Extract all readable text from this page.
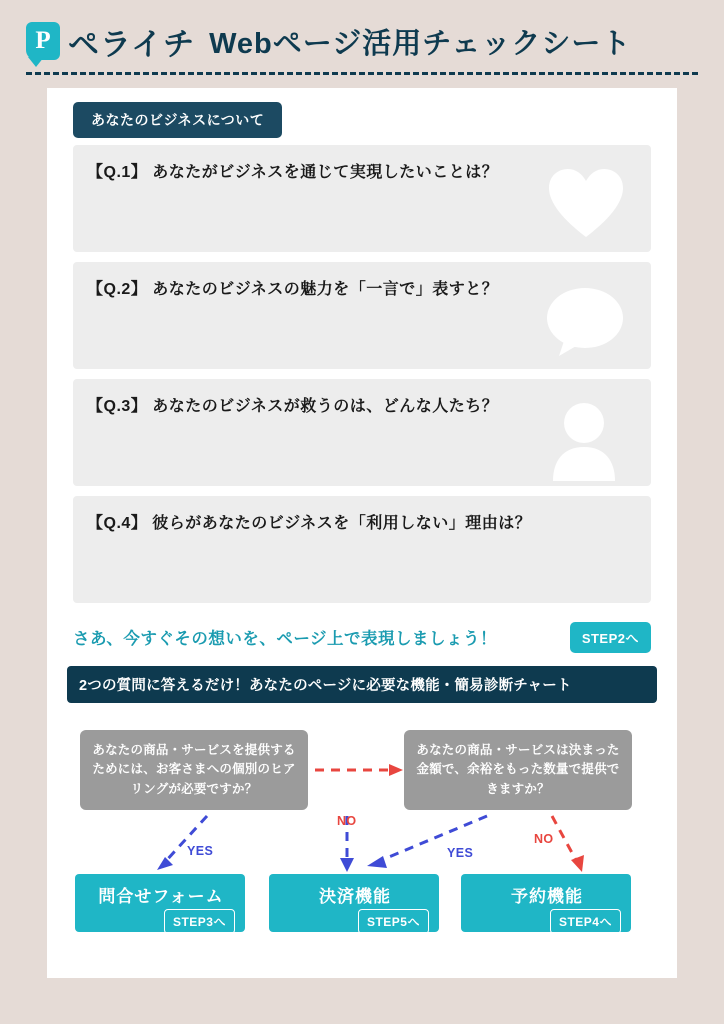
P
ペライチ Webページ活用チェックシート
あなたのビジネスについて
【Q.1】 あなたがビジネスを通じて実現したいことは？
【Q.2】 あなたのビジネスの魅力を「一言で」表すと？
【Q.3】 あなたのビジネスが救うのは、どんな人たち？
【Q.4】 彼らがあなたのビジネスを「利用しない」理由は？
さあ、今すぐその想いを、ページ上で表現しましょう！	STEP2へ
2つの質問に答えるだけ！あなたのページに必要な機能・簡易診断チャート
あなたの商品・サービスを提供するためには、お客さまへの個別のヒアリングが必要ですか？
あなたの商品・サービスは決まった金額で、余裕をもった数量で提供できますか？
NO
YES	YES
NO
問合せフォーム
STEP3へ
決済機能
STEP5へ
予約機能
STEP4へ
